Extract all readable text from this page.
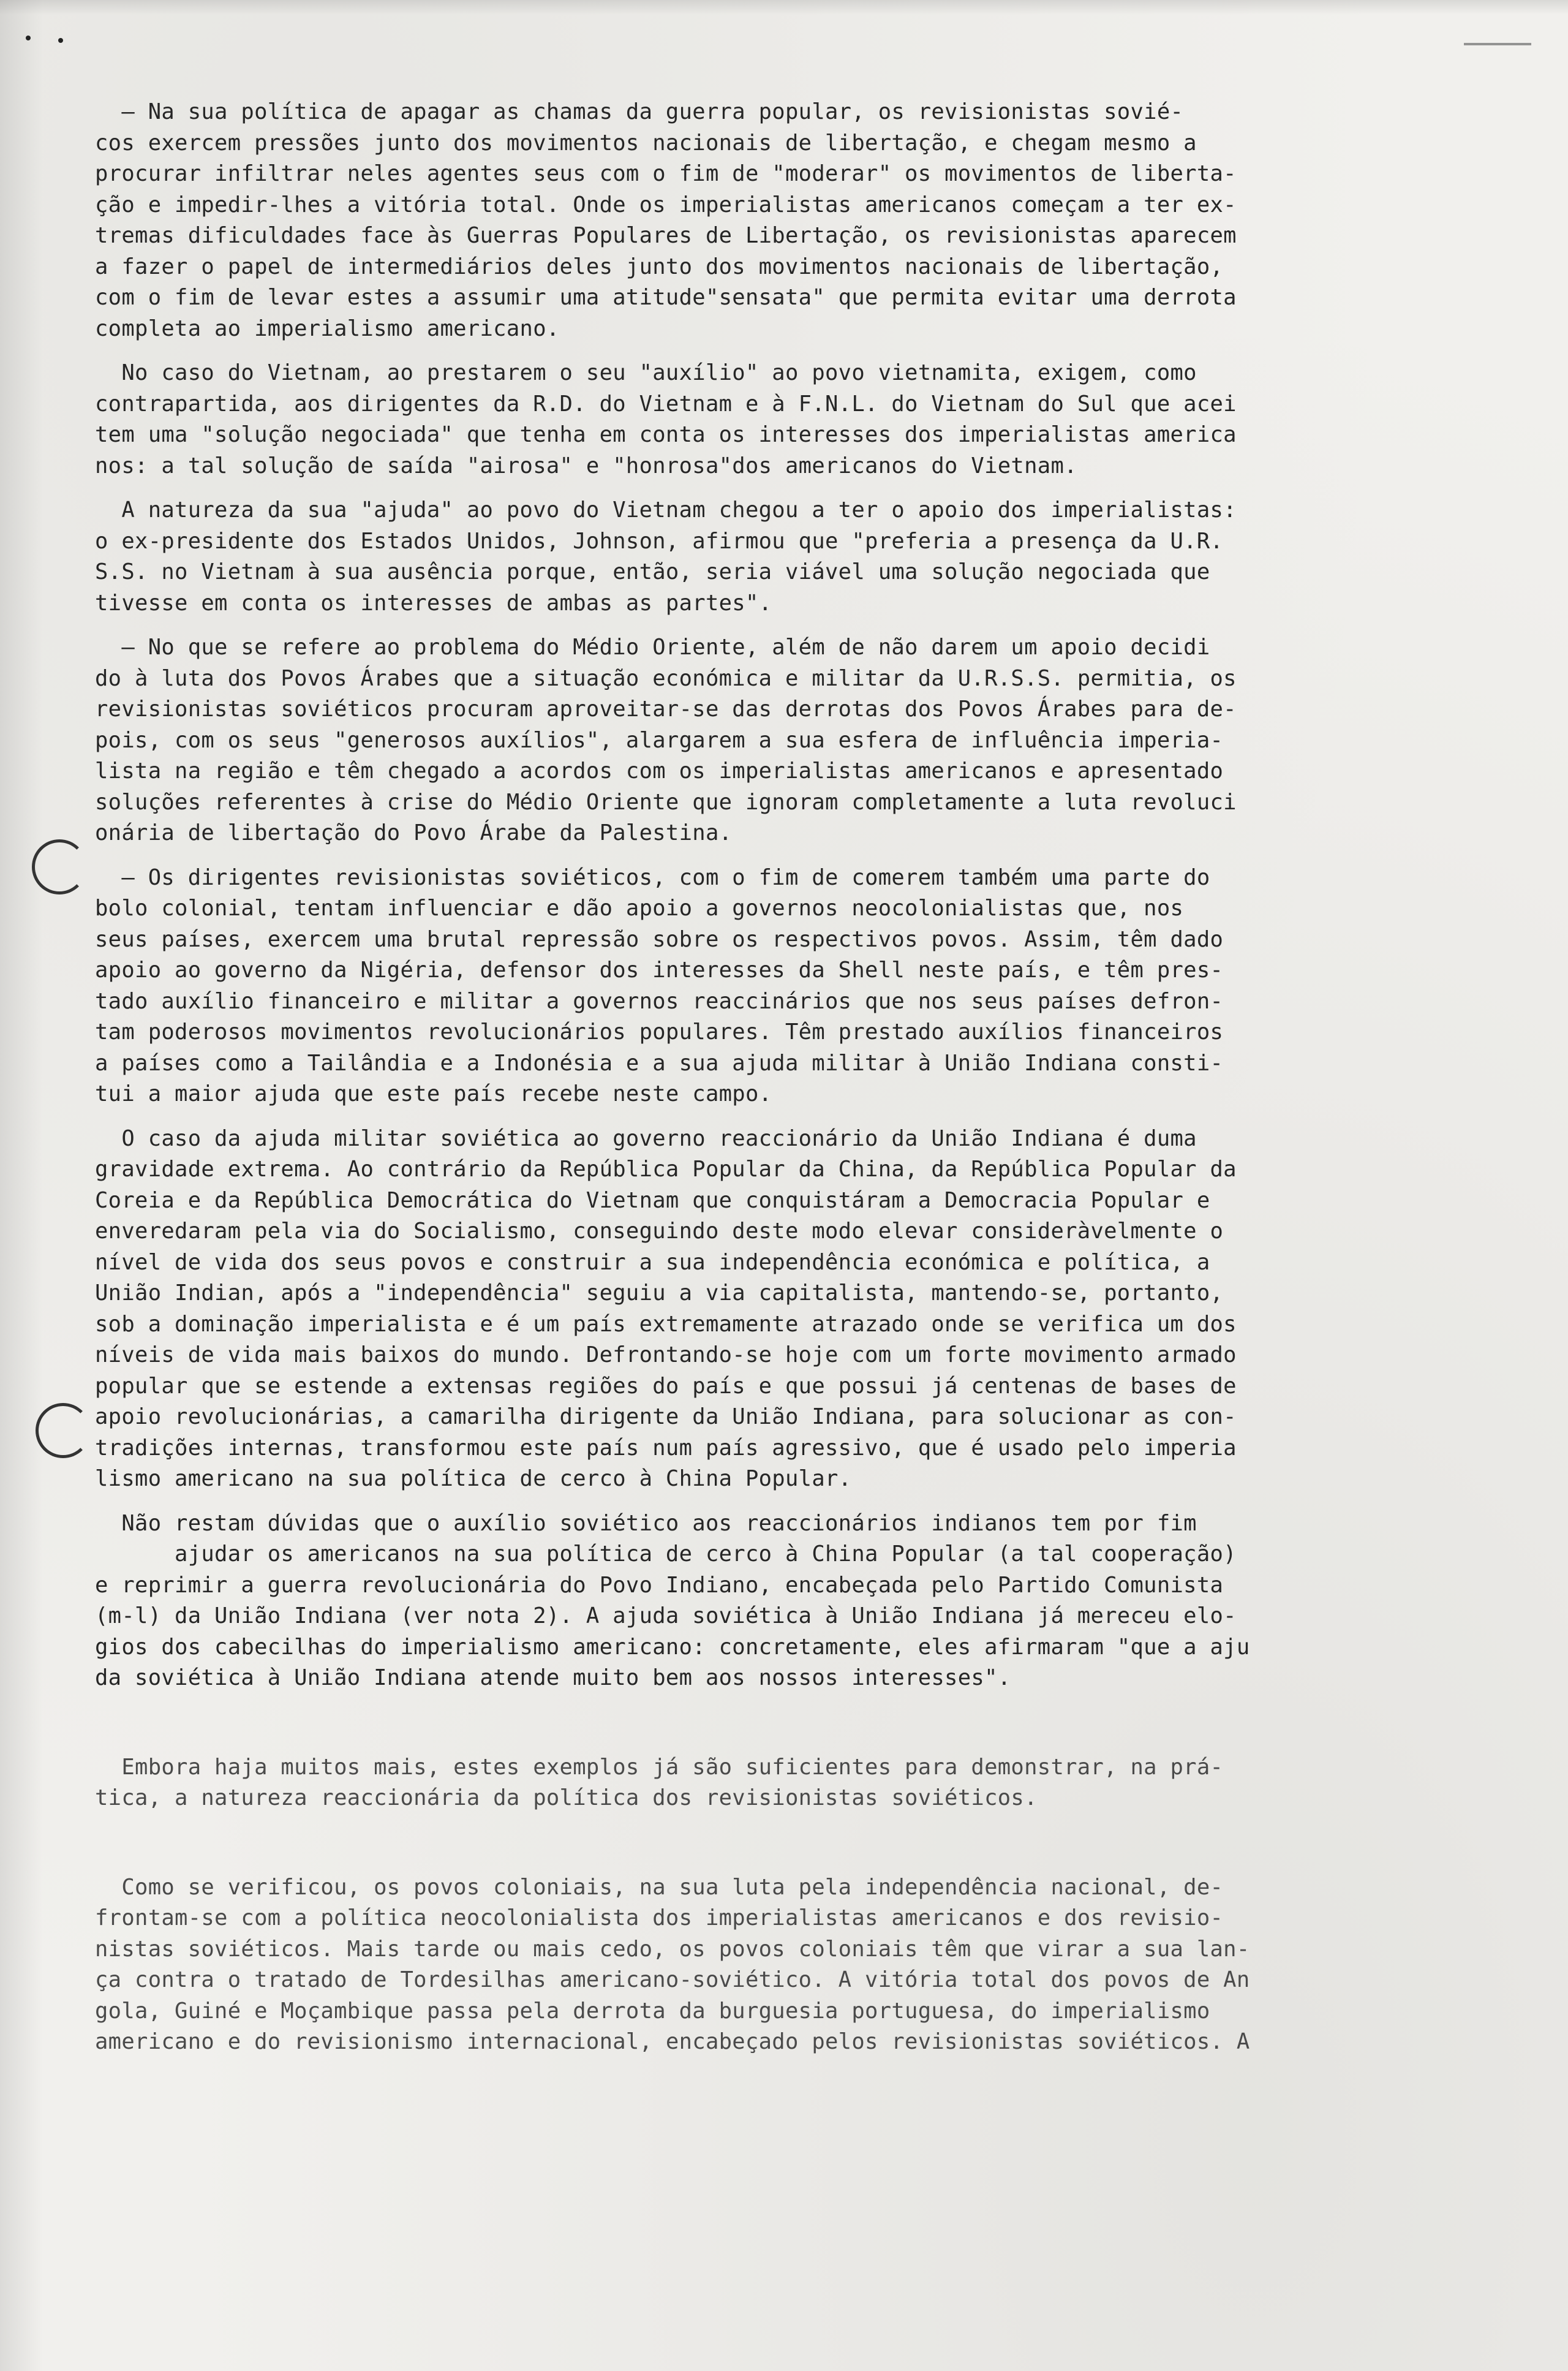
— Na sua política de apagar as chamas da guerra popular, os revisionistas sovié-
cos exercem pressões junto dos movimentos nacionais de libertação, e chegam mesmo a
procurar infiltrar neles agentes seus com o fim de "moderar" os movimentos de liberta-
ção e impedir-lhes a vitória total. Onde os imperialistas americanos começam a ter ex-
tremas dificuldades face às Guerras Populares de Libertação, os revisionistas aparecem
a fazer o papel de intermediários deles junto dos movimentos nacionais de libertação,
com o fim de levar estes a assumir uma atitude"sensata" que permita evitar uma derrota
completa ao imperialismo americano.
No caso do Vietnam, ao prestarem o seu "auxílio" ao povo vietnamita, exigem, como
contrapartida, aos dirigentes da R.D. do Vietnam e à F.N.L. do Vietnam do Sul que acei
tem uma "solução negociada" que tenha em conta os interesses dos imperialistas america
nos: a tal solução de saída "airosa" e "honrosa"dos americanos do Vietnam.
A natureza da sua "ajuda" ao povo do Vietnam chegou a ter o apoio dos imperialistas:
o ex-presidente dos Estados Unidos, Johnson, afirmou que "preferia a presença da U.R.
S.S. no Vietnam à sua ausência porque, então, seria viável uma solução negociada que
tivesse em conta os interesses de ambas as partes".
— No que se refere ao problema do Médio Oriente, além de não darem um apoio decidi
do à luta dos Povos Árabes que a situação económica e militar da U.R.S.S. permitia, os
revisionistas soviéticos procuram aproveitar-se das derrotas dos Povos Árabes para de-
pois, com os seus "generosos auxílios", alargarem a sua esfera de influência imperia-
lista na região e têm chegado a acordos com os imperialistas americanos e apresentado
soluções referentes à crise do Médio Oriente que ignoram completamente a luta revoluci
onária de libertação do Povo Árabe da Palestina.
— Os dirigentes revisionistas soviéticos, com o fim de comerem também uma parte do
bolo colonial, tentam influenciar e dão apoio a governos neocolonialistas que, nos
seus países, exercem uma brutal repressão sobre os respectivos povos. Assim, têm dado
apoio ao governo da Nigéria, defensor dos interesses da Shell neste país, e têm pres-
tado auxílio financeiro e militar a governos reaccinários que nos seus países defron-
tam poderosos movimentos revolucionários populares. Têm prestado auxílios financeiros
a países como a Tailândia e a Indonésia e a sua ajuda militar à União Indiana consti-
tui a maior ajuda que este país recebe neste campo.
O caso da ajuda militar soviética ao governo reaccionário da União Indiana é duma
gravidade extrema. Ao contrário da República Popular da China, da República Popular da
Coreia e da República Democrática do Vietnam que conquistáram a Democracia Popular e
enveredaram pela via do Socialismo, conseguindo deste modo elevar consideràvelmente o
nível de vida dos seus povos e construir a sua independência económica e política, a
União Indian, após a "independência" seguiu a via capitalista, mantendo-se, portanto,
sob a dominação imperialista e é um país extremamente atrazado onde se verifica um dos
níveis de vida mais baixos do mundo. Defrontando-se hoje com um forte movimento armado
popular que se estende a extensas regiões do país e que possui já centenas de bases de
apoio revolucionárias, a camarilha dirigente da União Indiana, para solucionar as con-
tradições internas, transformou este país num país agressivo, que é usado pelo imperia
lismo americano na sua política de cerco à China Popular.
Não restam dúvidas que o auxílio soviético aos reaccionários indianos tem por fim
ajudar os americanos na sua política de cerco à China Popular (a tal cooperação)
e reprimir a guerra revolucionária do Povo Indiano, encabeçada pelo Partido Comunista
(m-l) da União Indiana (ver nota 2). A ajuda soviética à União Indiana já mereceu elo-
gios dos cabecilhas do imperialismo americano: concretamente, eles afirmaram "que a aju
da soviética à União Indiana atende muito bem aos nossos interesses".
Embora haja muitos mais, estes exemplos já são suficientes para demonstrar, na prá-
tica, a natureza reaccionária da política dos revisionistas soviéticos.
Como se verificou, os povos coloniais, na sua luta pela independência nacional, de-
frontam-se com a política neocolonialista dos imperialistas americanos e dos revisio-
nistas soviéticos. Mais tarde ou mais cedo, os povos coloniais têm que virar a sua lan-
ça contra o tratado de Tordesilhas americano-soviético. A vitória total dos povos de An
gola, Guiné e Moçambique passa pela derrota da burguesia portuguesa, do imperialismo
americano e do revisionismo internacional, encabeçado pelos revisionistas soviéticos. A
